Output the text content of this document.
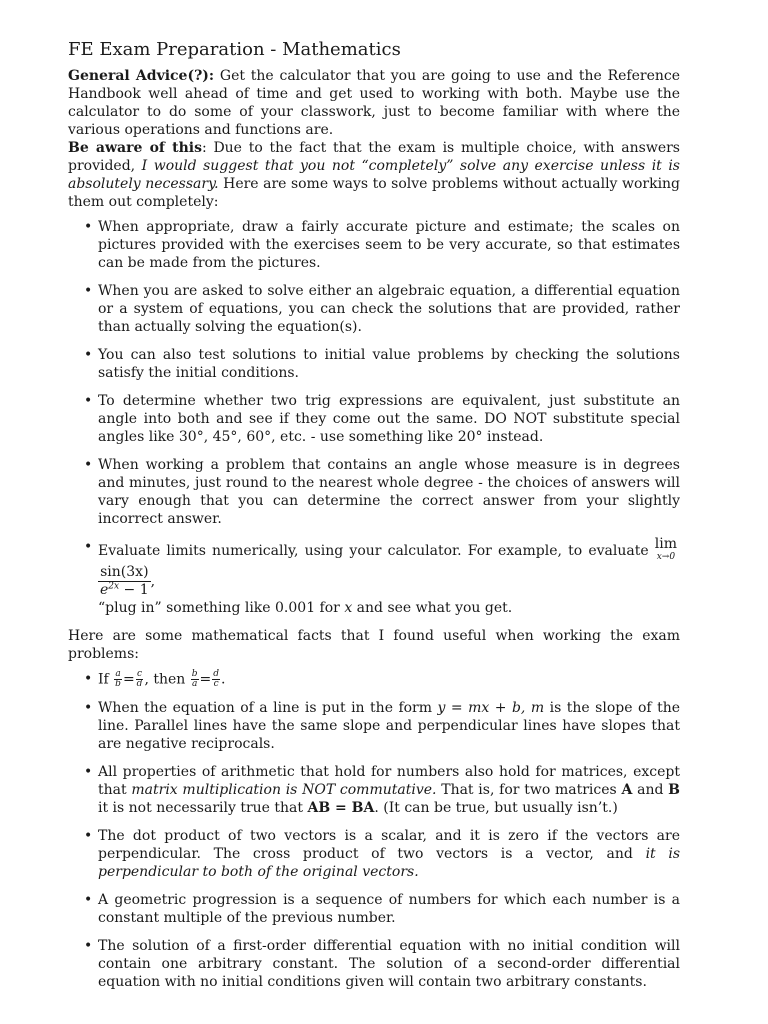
FE Exam Preparation - Mathematics

General Advice(?): Get the calculator that you are going to use and the Reference Handbook well ahead of time and get used to working with both. Maybe use the calculator to do some of your classwork, just to become familiar with where the various operations and functions are.
Be aware of this: Due to the fact that the exam is multiple choice, with answers provided, I would suggest that you not “completely” solve any exercise unless it is absolutely necessary. Here are some ways to solve problems without actually working them out completely:

• When appropriate, draw a fairly accurate picture and estimate; the scales on pictures provided with the exercises seem to be very accurate, so that estimates can be made from the pictures.
• When you are asked to solve either an algebraic equation, a differential equation or a system of equations, you can check the solutions that are provided, rather than actually solving the equation(s).
• You can also test solutions to initial value problems by checking the solutions satisfy the initial conditions.
• To determine whether two trig expressions are equivalent, just substitute an angle into both and see if they come out the same. DO NOT substitute special angles like 30°, 45°, 60°, etc. - use something like 20° instead.
• When working a problem that contains an angle whose measure is in degrees and minutes, just round to the nearest whole degree - the choices of answers will vary enough that you can determine the correct answer from your slightly incorrect answer.
• Evaluate limits numerically, using your calculator. For example, to evaluate lim
x→0
$\frac{\sin(3x)}{e^{2x} - 1}$ ,
“plug in” something like 0.001 for x and see what you get.

Here are some mathematical facts that I found useful when working the exam problems:

• If $\frac{a}{b} = \frac{c}{d}$ , then $\frac{b}{a} = \frac{d}{c}$ .
• When the equation of a line is put in the form y = mx + b, m is the slope of the line. Parallel lines have the same slope and perpendicular lines have slopes that are negative reciprocals.
• All properties of arithmetic that hold for numbers also hold for matrices, except that matrix multiplication is NOT commutative. That is, for two matrices A and B it is not necessarily true that AB = BA. (It can be true, but usually isn’t.)
• The dot product of two vectors is a scalar, and it is zero if the vectors are perpendicular. The cross product of two vectors is a vector, and it is perpendicular to both of the original vectors.
• A geometric progression is a sequence of numbers for which each number is a constant multiple of the previous number.
• The solution of a first-order differential equation with no initial condition will contain one arbitrary constant. The solution of a second-order differential equation with no initial conditions given will contain two arbitrary constants.
